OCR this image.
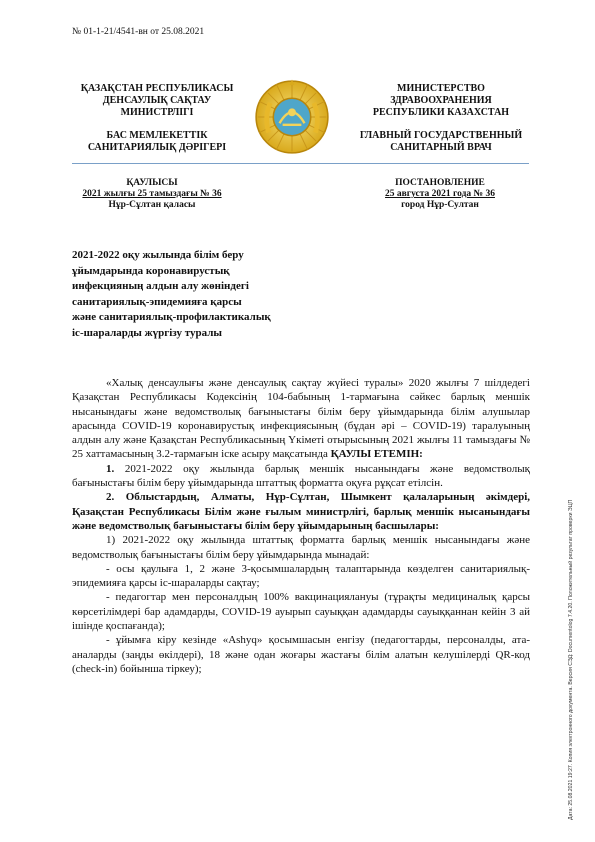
№ 01-1-21/4541-вн от 25.08.2021
ҚАЗАҚСТАН РЕСПУБЛИКАСЫ
ДЕНСАУЛЫҚ САҚТАУ
МИНИСТРЛІГІ
БАС МЕМЛЕКЕТТІК
САНИТАРИЯЛЫҚ ДӘРІГЕРІ
МИНИСТЕРСТВО
ЗДРАВООХРАНЕНИЯ
РЕСПУБЛИКИ КАЗАХСТАН
ГЛАВНЫЙ ГОСУДАРСТВЕННЫЙ
САНИТАРНЫЙ ВРАЧ
ҚАУЛЫСЫ
2021 жылғы 25 тамыздағы № 36
Нұр-Сұлтан қаласы
ПОСТАНОВЛЕНИЕ
25 августа 2021 года № 36
город Нұр-Султан
2021-2022 оқу жылында білім беру
ұйымдарында коронавирустық
инфекцияның алдын алу жөніндегі
санитариялық-эпидемияға қарсы
және санитариялық-профилактикалық
іс-шараларды жүргізу туралы

«Халық денсаулығы және денсаулық сақтау жүйесі туралы» 2020 жылғы 7 шілдедегі Қазақстан Республикасы Кодексінің 104-бабының 1-тармағына сәйкес барлық меншік нысанындағы және ведомстволық бағыныстағы білім беру ұйымдарында білім алушылар арасында COVID-19 коронавирустық инфекциясының (бұдан әрі – COVID-19) таралуының алдын алу және Қазақстан Республикасының Үкіметі отырысының 2021 жылғы 11 тамыздағы № 25 хаттамасының 3.2-тармағын іске асыру мақсатында ҚАУЛЫ ЕТЕМІН:

1. 2021-2022 оқу жылында барлық меншік нысанындағы және ведомстволық бағыныстағы білім беру ұйымдарында штаттық форматта оқуға рұқсат етілсін.

2. Облыстардың, Алматы, Нұр-Сұлтан, Шымкент қалаларының әкімдері, Қазақстан Республикасы Білім және ғылым министрлігі, барлық меншік нысанындағы және ведомстволық бағыныстағы білім беру ұйымдарының басшылары:

1) 2021-2022 оқу жылында штаттық форматта барлық меншік нысанындағы және ведомстволық бағыныстағы білім беру ұйымдарында мынадай:

- осы қаулыға 1, 2 және 3-қосымшалардың талаптарында көзделген санитариялық-эпидемияға қарсы іс-шараларды сақтау;

- педагогтар мен персоналдың 100% вакцинациялануы (тұрақты медициналық қарсы көрсетілімдері бар адамдарды, COVID-19 ауырып сауыққан адамдарды сауыққаннан кейін 3 ай ішінде қоспағанда);

- ұйымға кіру кезінде «Ashyq» қосымшасын енгізу (педагогтарды, персоналды, ата-аналарды (заңды өкілдері), 18 және одан жоғары жастағы білім алатын келушілерді QR-код (check-in) бойынша тіркеу);	Дата: 25.08.2021 19:27. Копия электронного документа. Версия СЭД: Documentolog 7.4.20. Положительный результат проверки ЭЦП
